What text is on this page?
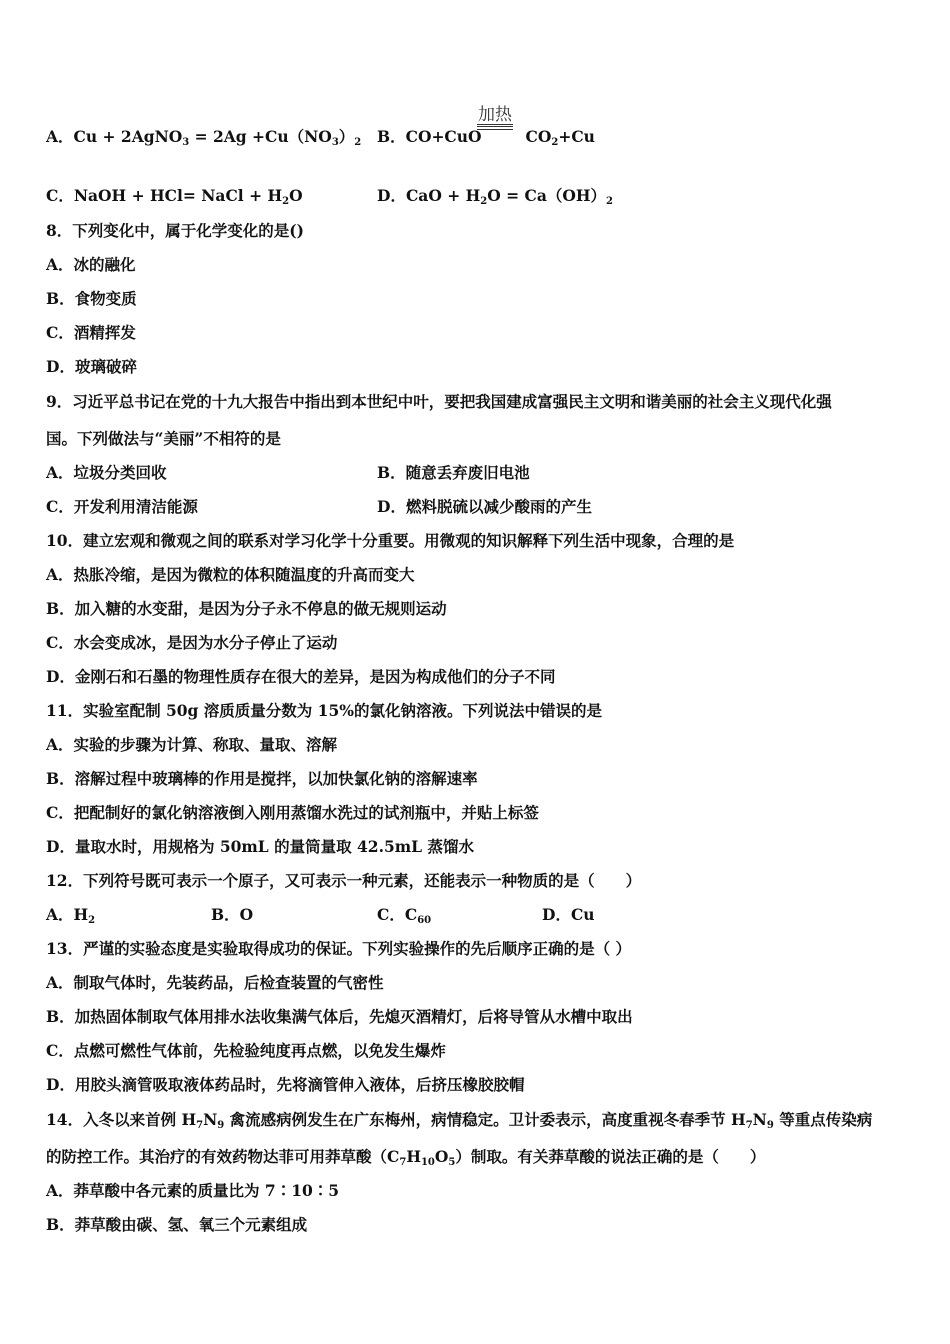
A．Cu + 2AgNO$_3$ = $2Ag +Cu(NO_3)_2$ B．CO+CuO	$CO_2+Cu$
加热
C．NaOH + HCl= NaCl + $H_2O$	D．CaO + $H_2O = Ca(OH)_2$
8．下列变化中，属于化学变化的是()
A．冰的融化
B．食物变质
C．酒精挥发
D．玻璃破碎
9．习近平总书记在党的十九大报告中指出到本世纪中叶，要把我国建成富强民主文明和谐美丽的社会主义现代化强
国。下列做法与“美丽”不相符的是
A．垃圾分类回收	B．随意丢弃废旧电池
C．开发利用清洁能源	D．燃料脱硫以减少酸雨的产生
10．建立宏观和微观之间的联系对学习化学十分重要。用微观的知识解释下列生活中现象，合理的是
A．热胀冷缩，是因为微粒的体积随温度的升高而变大
B．加入糖的水变甜，是因为分子永不停息的做无规则运动
C．水会变成冰，是因为水分子停止了运动
D．金刚石和石墨的物理性质存在很大的差异，是因为构成他们的分子不同
11．实验室配制 50g 溶质质量分数为 15%的氯化钠溶液。下列说法中错误的是
A．实验的步骤为计算、称取、量取、溶解
B．溶解过程中玻璃棒的作用是搅拌，以加快氯化钠的溶解速率
C．把配制好的氯化钠溶液倒入刚用蒸馏水洗过的试剂瓶中，并贴上标签
D．量取水时，用规格为 50mL 的量筒量取 42.5mL 蒸馏水
12．下列符号既可表示一个原子，又可表示一种元素，还能表示一种物质的是（　　）
A．$H_2$	B．O	C．$C_{60}$	D．Cu
13．严谨的实验态度是实验取得成功的保证。下列实验操作的先后顺序正确的是（ ）
A．制取气体时，先装药品，后检查装置的气密性
B．加热固体制取气体用排水法收集满气体后，先熄灭酒精灯，后将导管从水槽中取出
C．点燃可燃性气体前，先检验纯度再点燃，以免发生爆炸
D．用胶头滴管吸取液体药品时，先将滴管伸入液体，后挤压橡胶胶帽
14．入冬以来首例 $H_7N_9$ 禽流感病例发生在广东梅州，病情稳定。卫计委表示，高度重视冬春季节 $H_7N_9$ 等重点传染病
的防控工作。其治疗的有效药物达菲可用莽草酸$(C_7H_{10}O_5)$制取。有关莽草酸的说法正确的是（　　）
A．莽草酸中各元素的质量比为 7∶10∶5
B．莽草酸由碳、氢、氧三个元素组成
